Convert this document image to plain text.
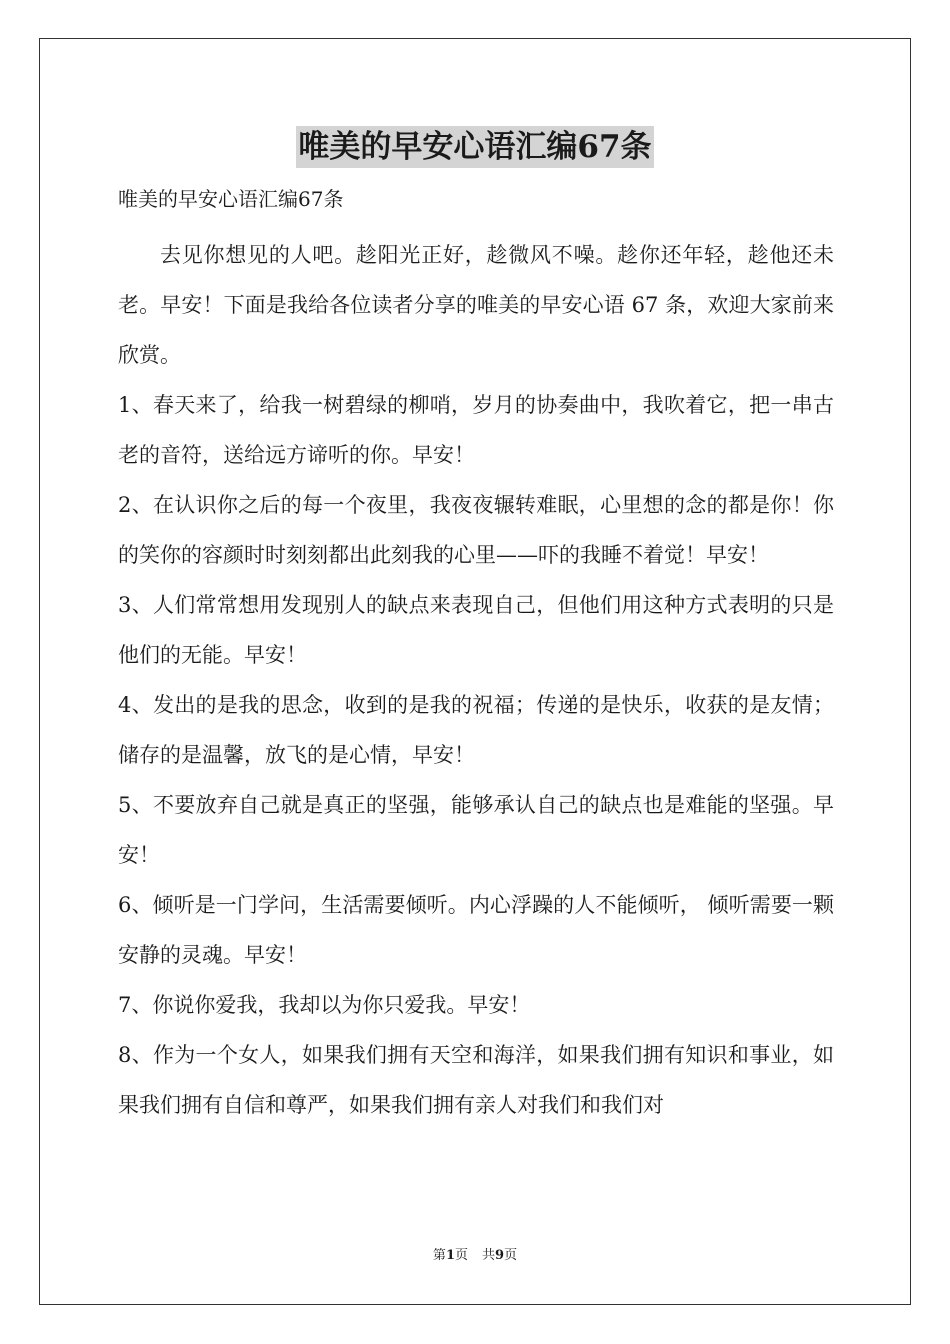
唯美的早安心语汇编67条
唯美的早安心语汇编67条

去见你想见的人吧。趁阳光正好，趁微风不噪。趁你还年轻，趁他还未老。早安！下面是我给各位读者分享的唯美的早安心语 67 条，欢迎大家前来欣赏。

1、春天来了，给我一树碧绿的柳哨，岁月的协奏曲中，我吹着它，把一串古老的音符，送给远方谛听的你。早安！

2、在认识你之后的每一个夜里，我夜夜辗转难眠，心里想的念的都是你！你的笑你的容颜时时刻刻都出此刻我的心里——吓的我睡不着觉！早安！

3、人们常常想用发现别人的缺点来表现自己，但他们用这种方式表明的只是他们的无能。早安！

4、发出的是我的思念，收到的是我的祝福；传递的是快乐，收获的是友情；储存的是温馨，放飞的是心情，早安！

5、不要放弃自己就是真正的坚强，能够承认自己的缺点也是难能的坚强。早安！

6、倾听是一门学问，生活需要倾听。内心浮躁的人不能倾听， 倾听需要一颗安静的灵魂。早安！

7、你说你爱我，我却以为你只爱我。早安！

8、作为一个女人，如果我们拥有天空和海洋，如果我们拥有知识和事业，如果我们拥有自信和尊严，如果我们拥有亲人对我们和我们对

第1页 共9页
